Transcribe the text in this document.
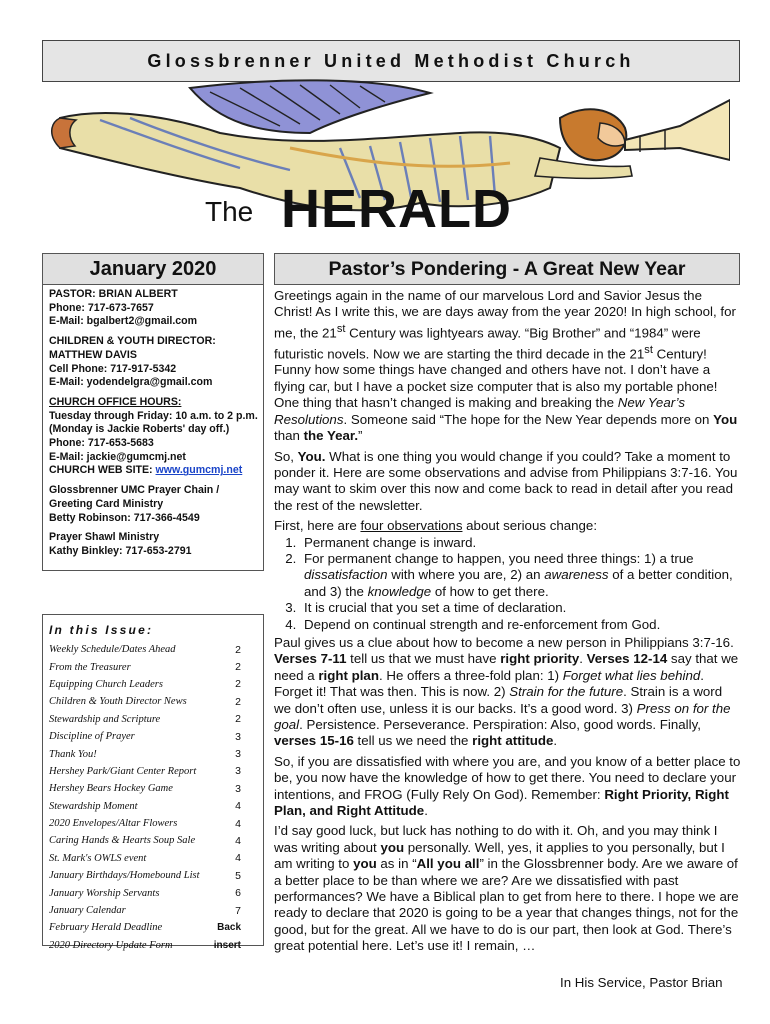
Glossbrenner United Methodist Church
The HERALD
January 2020
PASTOR: BRIAN ALBERT
Phone: 717-673-7657
E-Mail: bgalbert2@gmail.com
CHILDREN & YOUTH DIRECTOR:
MATTHEW DAVIS
Cell Phone: 717-917-5342
E-Mail: yodendelgra@gmail.com
CHURCH OFFICE HOURS:
Tuesday through Friday: 10 a.m. to 2 p.m.
(Monday is Jackie Roberts' day off.)
Phone: 717-653-5683
E-Mail: jackie@gumcmj.net
CHURCH WEB SITE: www.gumcmj.net
Glossbrenner UMC Prayer Chain /
Greeting Card Ministry
Betty Robinson: 717-366-4549
Prayer Shawl Ministry
Kathy Binkley: 717-653-2791
In this Issue:
Weekly Schedule/Dates Ahead	2
From the Treasurer	2
Equipping Church Leaders	2
Children & Youth Director News	2
Stewardship and Scripture	2
Discipline of Prayer	3
Thank You!	3
Hershey Park/Giant Center Report	3
Hershey Bears Hockey Game	3
Stewardship Moment	4
2020 Envelopes/Altar Flowers	4
Caring Hands & Hearts Soup Sale	4
St. Mark's OWLS event	4
January Birthdays/Homebound List	5
January Worship Servants	6
January Calendar	7
February Herald Deadline	Back
2020 Directory Update Form	insert
Pastor’s Pondering - A Great New Year

Greetings again in the name of our marvelous Lord and Savior Jesus the Christ! As I write this, we are days away from the year 2020! In high school, for me, the 21st Century was lightyears away. “Big Brother” and “1984” were futuristic novels. Now we are starting the third decade in the 21st Century! Funny how some things have changed and others have not. I don’t have a flying car, but I have a pocket size computer that is also my portable phone! One thing that hasn’t changed is making and breaking the New Year’s Resolutions. Someone said “The hope for the New Year depends more on You than the Year.”

So, You. What is one thing you would change if you could? Take a moment to ponder it. Here are some observations and advise from Philippians 3:7-16. You may want to skim over this now and come back to read in detail after you read the rest of the newsletter.

First, here are four observations about serious change:

1. Permanent change is inward.
2. For permanent change to happen, you need three things: 1) a true dissatisfaction with where you are, 2) an awareness of a better condition, and 3) the knowledge of how to get there.
3. It is crucial that you set a time of declaration.
4. Depend on continual strength and re-enforcement from God.

Paul gives us a clue about how to become a new person in Philippians 3:7-16. Verses 7-11 tell us that we must have right priority. Verses 12-14 say that we need a right plan. He offers a three-fold plan: 1) Forget what lies behind. Forget it! That was then. This is now. 2) Strain for the future. Strain is a word we don’t often use, unless it is our backs. It’s a good word. 3) Press on for the goal. Persistence. Perseverance. Perspiration: Also, good words. Finally, verses 15-16 tell us we need the right attitude.

So, if you are dissatisfied with where you are, and you know of a better place to be, you now have the knowledge of how to get there. You need to declare your intentions, and FROG (Fully Rely On God). Remember: Right Priority, Right Plan, and Right Attitude.

I’d say good luck, but luck has nothing to do with it. Oh, and you may think I was writing about you personally. Well, yes, it applies to you personally, but I am writing to you as in “All you all” in the Glossbrenner body. Are we aware of a better place to be than where we are? Are we dissatisfied with past performances? We have a Biblical plan to get from here to there. I hope we are ready to declare that 2020 is going to be a year that changes things, not for the good, but for the great. All we have to do is our part, then look at God. There’s great potential here. Let’s use it! I remain, …

In His Service, Pastor Brian
